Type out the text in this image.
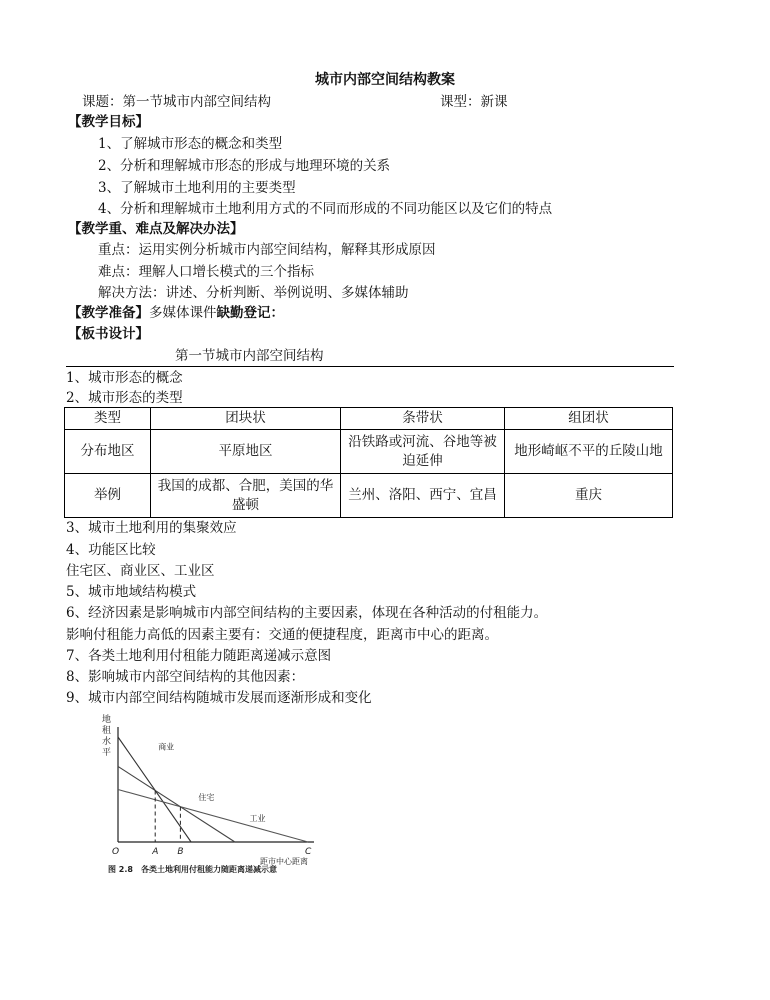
城市内部空间结构教案
课题：第一节城市内部空间结构	课型：新课
【教学目标】
1、了解城市形态的概念和类型
2、分析和理解城市形态的形成与地理环境的关系
3、了解城市土地利用的主要类型
4、分析和理解城市土地利用方式的不同而形成的不同功能区以及它们的特点
【教学重、难点及解决办法】
重点：运用实例分析城市内部空间结构，解释其形成原因
难点：理解人口增长模式的三个指标
解决方法：讲述、分析判断、举例说明、多媒体辅助
【教学准备】多媒体课件缺勤登记：
【板书设计】
第一节城市内部空间结构
1、城市形态的概念
2、城市形态的类型
类型	团块状	条带状	组团状
分布地区	平原地区	沿铁路或河流、谷地等被迫延伸	地形崎岖不平的丘陵山地
举例	我国的成都、合肥，美国的华盛顿	兰州、洛阳、西宁、宜昌	重庆
3、城市土地利用的集聚效应
4、功能区比较
住宅区、商业区、工业区
5、城市地域结构模式
6、经济因素是影响城市内部空间结构的主要因素，体现在各种活动的付租能力。
影响付租能力高低的因素主要有：交通的便捷程度，距离市中心的距离。
7、各类土地利用付租能力随距离递减示意图
8、影响城市内部空间结构的其他因素：
9、城市内部空间结构随城市发展而逐渐形成和变化
地
租
水
平
O	A B	C
商业
住宅
工业
距市中心距离
图 2.8　各类土地利用付租能力随距离递减示意
